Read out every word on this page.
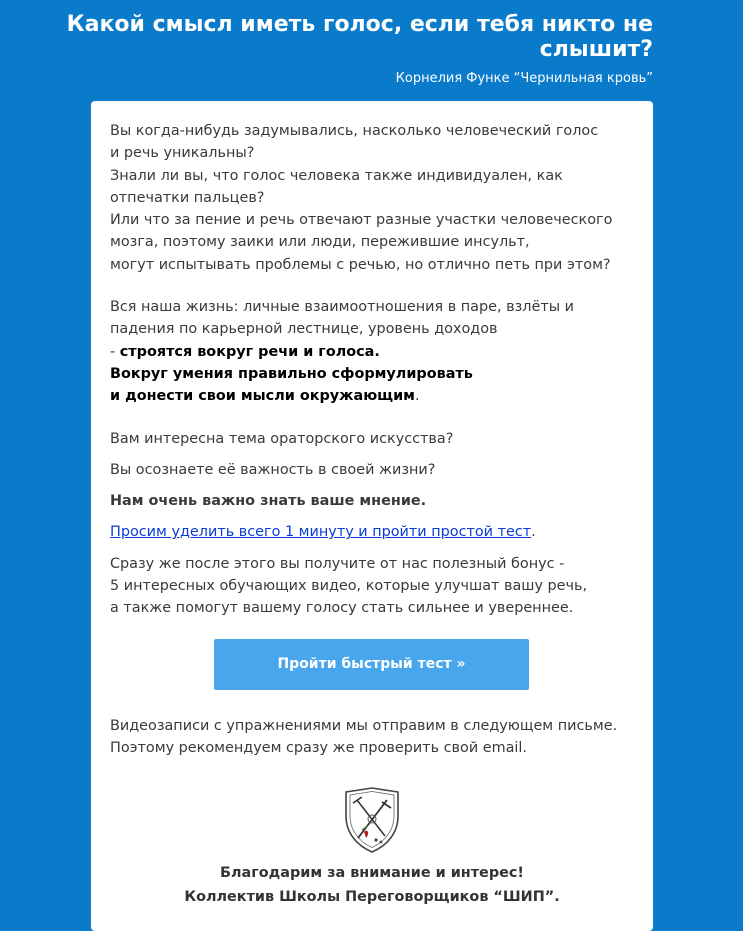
Какой смысл иметь голос, если тебя никто не слышит?
Корнелия Функе “Чернильная кровь”

Вы когда-нибудь задумывались, насколько человеческий голос
и речь уникальны?
Знали ли вы, что голос человека также индивидуален, как
отпечатки пальцев?
Или что за пение и речь отвечают разные участки человеческого
мозга, поэтому заики или люди, пережившие инсульт,
могут испытывать проблемы с речью, но отлично петь при этом?

Вся наша жизнь: личные взаимоотношения в паре, взлёты и
падения по карьерной лестнице, уровень доходов
- строятся вокруг речи и голоса.
Вокруг умения правильно сформулировать
и донести свои мысли окружающим.

Вам интересна тема ораторского искусства?

Вы осознаете её важность в своей жизни?

Нам очень важно знать ваше мнение.

Просим уделить всего 1 минуту и пройти простой тест.

Сразу же после этого вы получите от нас полезный бонус -
5 интересных обучающих видео, которые улучшат вашу речь,
а также помогут вашему голосу стать сильнее и увереннее.

Пройти быстрый тест »

Видеозаписи с упражнениями мы отправим в следующем письме.
Поэтому рекомендуем сразу же проверить свой email.

Благодарим за внимание и интерес!
Коллектив Школы Переговорщиков “ШИП”.
